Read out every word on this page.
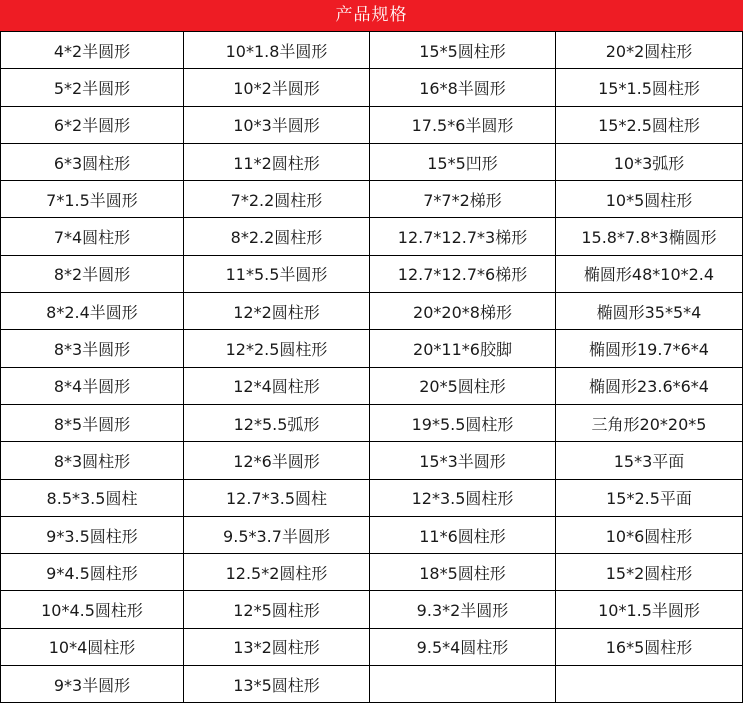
产品规格
4*2半圆形	10*1.8半圆形	15*5圆柱形	20*2圆柱形
5*2半圆形	10*2半圆形	16*8半圆形	15*1.5圆柱形
6*2半圆形	10*3半圆形	17.5*6半圆形	15*2.5圆柱形
6*3圆柱形	11*2圆柱形	15*5凹形	10*3弧形
7*1.5半圆形	7*2.2圆柱形	7*7*2梯形	10*5圆柱形
7*4圆柱形	8*2.2圆柱形	12.7*12.7*3梯形	15.8*7.8*3椭圆形
8*2半圆形	11*5.5半圆形	12.7*12.7*6梯形	椭圆形48*10*2.4
8*2.4半圆形	12*2圆柱形	20*20*8梯形	椭圆形35*5*4
8*3半圆形	12*2.5圆柱形	20*11*6胶脚	椭圆形19.7*6*4
8*4半圆形	12*4圆柱形	20*5圆柱形	椭圆形23.6*6*4
8*5半圆形	12*5.5弧形	19*5.5圆柱形	三角形20*20*5
8*3圆柱形	12*6半圆形	15*3半圆形	15*3平面
8.5*3.5圆柱	12.7*3.5圆柱	12*3.5圆柱形	15*2.5平面
9*3.5圆柱形	9.5*3.7半圆形	11*6圆柱形	10*6圆柱形
9*4.5圆柱形	12.5*2圆柱形	18*5圆柱形	15*2圆柱形
10*4.5圆柱形	12*5圆柱形	9.3*2半圆形	10*1.5半圆形
10*4圆柱形	13*2圆柱形	9.5*4圆柱形	16*5圆柱形
9*3半圆形	13*5圆柱形
